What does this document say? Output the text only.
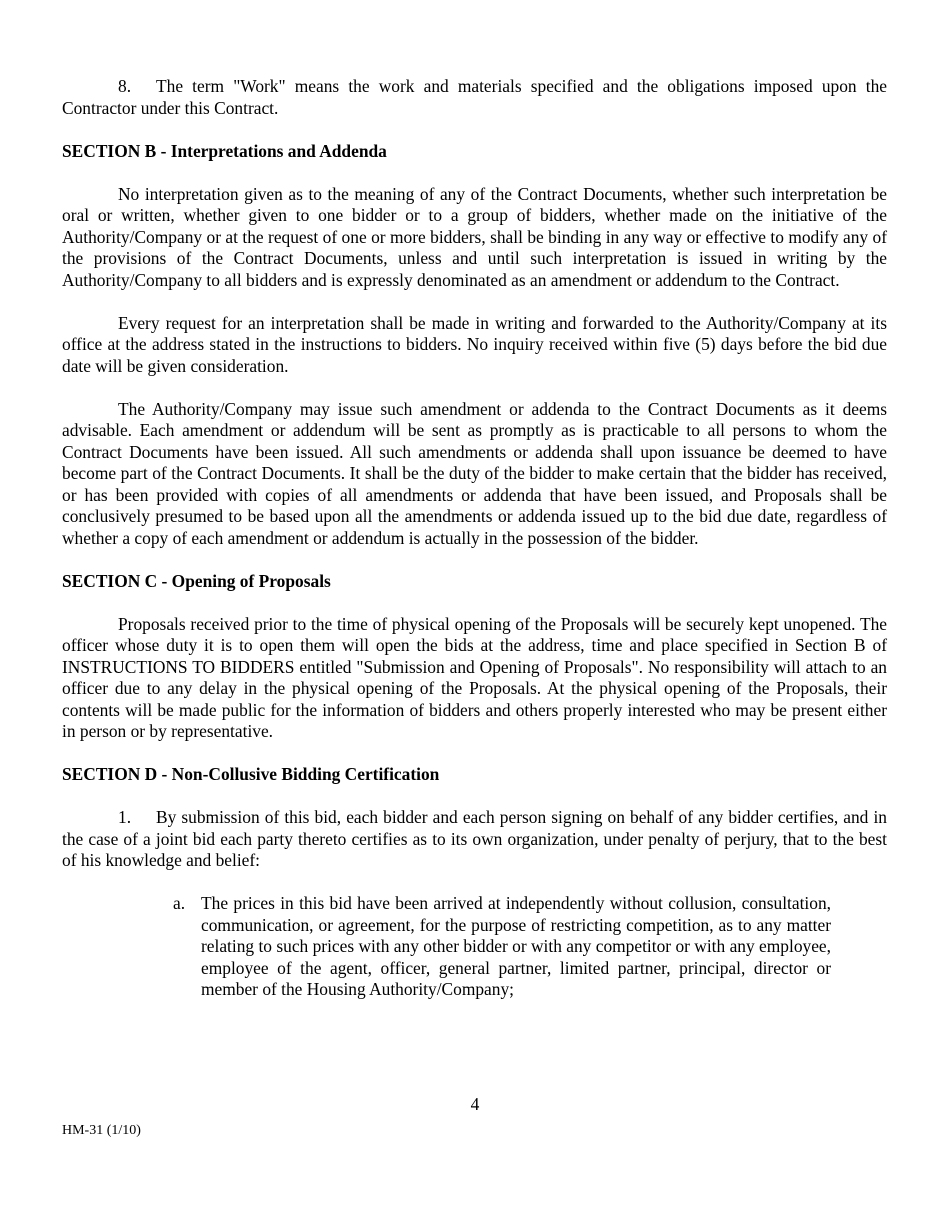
8. The term "Work" means the work and materials specified and the obligations imposed upon the Contractor under this Contract.

SECTION B - Interpretations and Addenda

No interpretation given as to the meaning of any of the Contract Documents, whether such interpretation be oral or written, whether given to one bidder or to a group of bidders, whether made on the initiative of the Authority/Company or at the request of one or more bidders, shall be binding in any way or effective to modify any of the provisions of the Contract Documents, unless and until such interpretation is issued in writing by the Authority/Company to all bidders and is expressly denominated as an amendment or addendum to the Contract.

Every request for an interpretation shall be made in writing and forwarded to the Authority/Company at its office at the address stated in the instructions to bidders. No inquiry received within five (5) days before the bid due date will be given consideration.

The Authority/Company may issue such amendment or addenda to the Contract Documents as it deems advisable. Each amendment or addendum will be sent as promptly as is practicable to all persons to whom the Contract Documents have been issued. All such amendments or addenda shall upon issuance be deemed to have become part of the Contract Documents. It shall be the duty of the bidder to make certain that the bidder has received, or has been provided with copies of all amendments or addenda that have been issued, and Proposals shall be conclusively presumed to be based upon all the amendments or addenda issued up to the bid due date, regardless of whether a copy of each amendment or addendum is actually in the possession of the bidder.

SECTION C - Opening of Proposals

Proposals received prior to the time of physical opening of the Proposals will be securely kept unopened. The officer whose duty it is to open them will open the bids at the address, time and place specified in Section B of INSTRUCTIONS TO BIDDERS entitled "Submission and Opening of Proposals". No responsibility will attach to an officer due to any delay in the physical opening of the Proposals. At the physical opening of the Proposals, their contents will be made public for the information of bidders and others properly interested who may be present either in person or by representative.

SECTION D - Non-Collusive Bidding Certification

1. By submission of this bid, each bidder and each person signing on behalf of any bidder certifies, and in the case of a joint bid each party thereto certifies as to its own organization, under penalty of perjury, that to the best of his knowledge and belief:

a. The prices in this bid have been arrived at independently without collusion, consultation, communication, or agreement, for the purpose of restricting competition, as to any matter relating to such prices with any other bidder or with any competitor or with any employee, employee of the agent, officer, general partner, limited partner, principal, director or member of the Housing Authority/Company;

4
HM-31 (1/10)
